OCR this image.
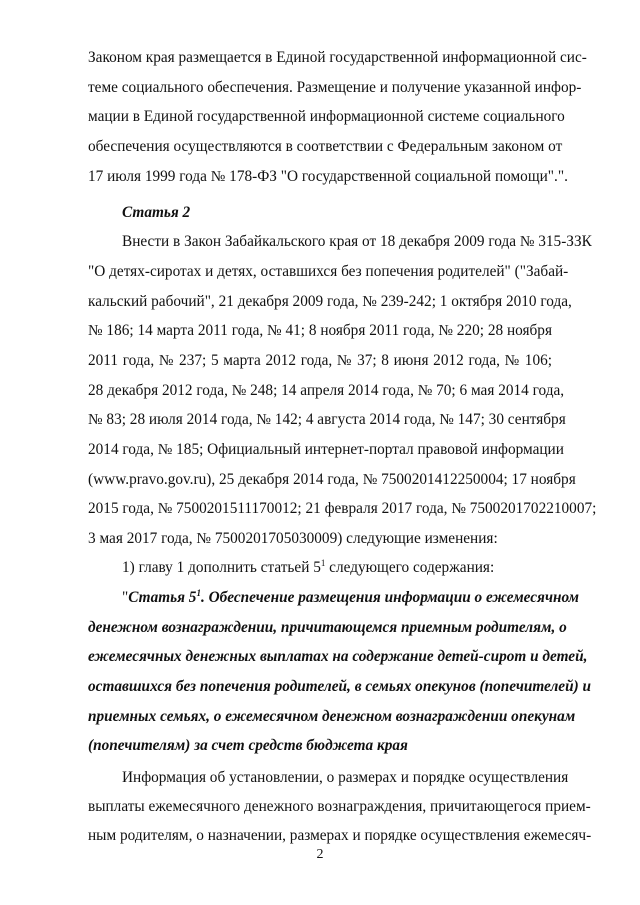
Законом края размещается в Единой государственной информационной сис-
теме социального обеспечения. Размещение и получение указанной инфор-
мации в Единой государственной информационной системе социального
обеспечения осуществляются в соответствии с Федеральным законом от
17 июля 1999 года № 178-ФЗ "О государственной социальной помощи".".
Статья 2
Внести в Закон Забайкальского края от 18 декабря 2009 года № 315-ЗЗК
"О детях-сиротах и детях, оставшихся без попечения родителей" ("Забай-
кальский рабочий", 21 декабря 2009 года, № 239-242; 1 октября 2010 года,
№ 186; 14 марта 2011 года, № 41; 8 ноября 2011 года, № 220; 28 ноября
2011 года, № 237; 5 марта 2012 года, № 37; 8 июня 2012 года, № 106;
28 декабря 2012 года, № 248; 14 апреля 2014 года, № 70; 6 мая 2014 года,
№ 83; 28 июля 2014 года, № 142; 4 августа 2014 года, № 147; 30 сентября
2014 года, № 185; Официальный интернет-портал правовой информации
(www.pravo.gov.ru), 25 декабря 2014 года, № 7500201412250004; 17 ноября
2015 года, № 7500201511170012; 21 февраля 2017 года, № 7500201702210007;
3 мая 2017 года, № 7500201705030009) следующие изменения:
1) главу 1 дополнить статьей $5^1$ следующего содержания:
"Статья $5^1$. Обеспечение размещения информации о ежемесячном
денежном вознаграждении, причитающемся приемным родителям, о
ежемесячных денежных выплатах на содержание детей-сирот и детей,
оставшихся без попечения родителей, в семьях опекунов (попечителей) и
приемных семьях, о ежемесячном денежном вознаграждении опекунам
(попечителям) за счет средств бюджета края
Информация об установлении, о размерах и порядке осуществления
выплаты ежемесячного денежного вознаграждения, причитающегося прием-
ным родителям, о назначении, размерах и порядке осуществления ежемесяч-
2
